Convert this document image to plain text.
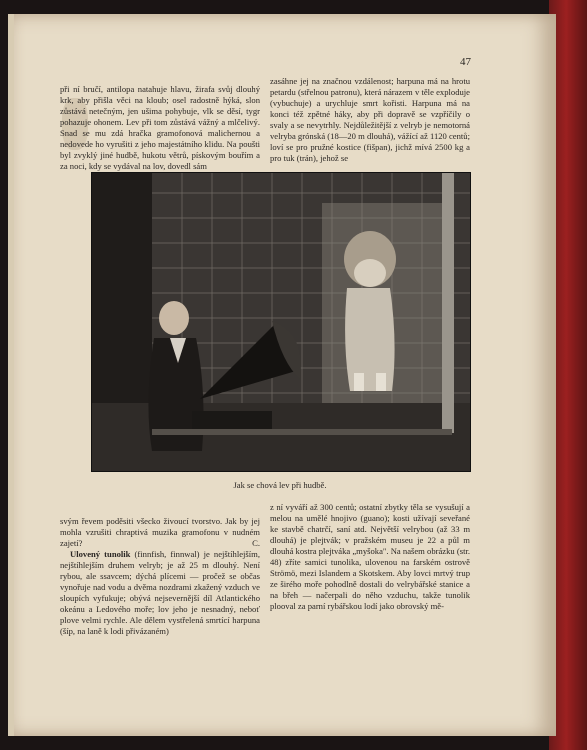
47

při ní bručí, antilopa natahuje hlavu, žirafa svůj dlouhý krk, aby přišla věci na kloub; osel radostně hýká, slon zůstává netečným, jen ušima pohybuje, vlk se děsí, tygr pohazuje ohonem. Lev při tom zůstává vážný a mlčelivý. Snad se mu zdá hračka gramofonová malichernou a nedovede ho vyrušiti z jeho majestátního klidu. Na poušti byl zvyklý jiné hudbě, hukotu větrů, pískovým bouřím a za noci, kdy se vydával na lov, dovedl sám

zasáhne jej na značnou vzdálenost; harpuna má na hrotu petardu (střelnou patronu), která nárazem v těle exploduje (vybuchuje) a urychluje smrt kořisti. Harpuna má na konci též zpětné háky, aby při dopravě se vzpříčily o svaly a se nevytrhly. Nejdůležitější z velryb je nemotorná velryba grónská (18—20 m dlouhá), vážící až 1120 centů; loví se pro pružné kostice (fišpan), jichž mívá 2500 kg a pro tuk (trán), jehož se

Jak se chová lev při hudbě.

svým řevem poděsiti všecko živoucí tvorstvo. Jak by jej mohla vzrušiti chraptivá muzika gramofonu v nudném zajetí?	C.

Ulovený tunolik (finnfish, finnwal) je nejštíhlejším, nejštíhlejším druhem velryb; je až 25 m dlouhý. Není rybou, ale ssavcem; dýchá plícemi — pročež se občas vynořuje nad vodu a dvěma nozdrami zkažený vzduch ve sloupích vyfukuje; obývá nejsevernější díl Atlantického okeánu a Ledového moře; lov jeho je nesnadný, neboť plove velmi rychle. Ale dělem vystřelená smrtící harpuna (šíp, na laně k lodi přivázaném)

z ní vyváří až 300 centů; ostatní zbytky těla se vysušují a melou na umělé hnojivo (guano); kosti užívají seveřané ke stavbě chatrčí, saní atd. Největší velrybou (až 33 m dlouhá) je plejtvák; v pražském museu je 22 a půl m dlouhá kostra plejtváka „myšoka". Na našem obrázku (str. 48) zříte samici tunolika, ulovenou na farském ostrově Strömö, mezi Islandem a Skotskem. Aby lovci mrtvý trup ze širého moře pohodlně dostali do velrybářské stanice a na břeh — načerpali do něho vzduchu, takže tunolik plooval za parní rybářskou lodí jako obrovský mě-
